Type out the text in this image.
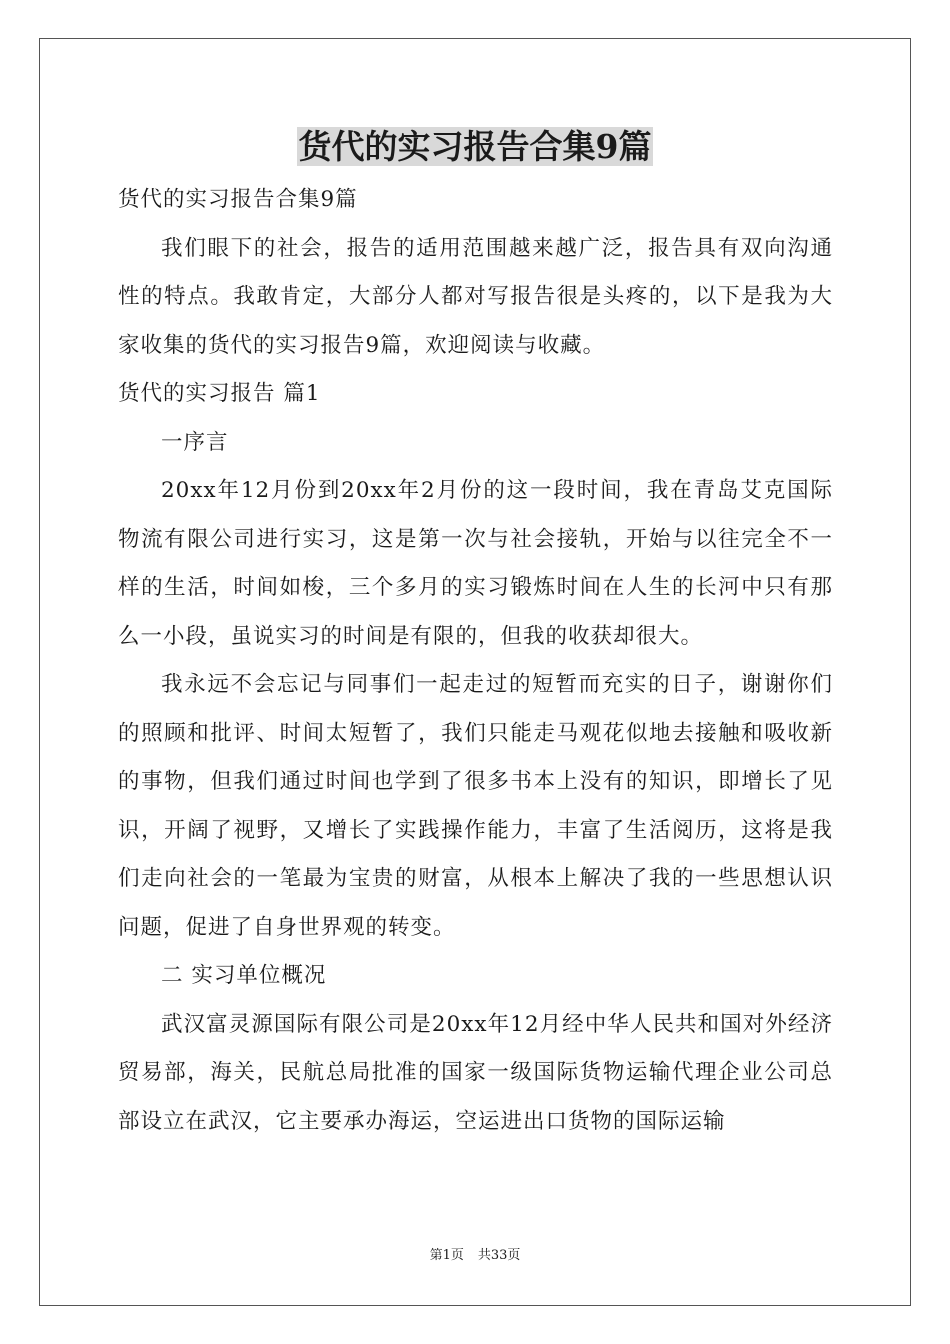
货代的实习报告合集9篇

货代的实习报告合集9篇

我们眼下的社会，报告的适用范围越来越广泛，报告具有双向沟通性的特点。我敢肯定，大部分人都对写报告很是头疼的，以下是我为大家收集的货代的实习报告9篇，欢迎阅读与收藏。

货代的实习报告 篇1

一序言

20xx年12月份到20xx年2月份的这一段时间，我在青岛艾克国际物流有限公司进行实习，这是第一次与社会接轨，开始与以往完全不一样的生活，时间如梭，三个多月的实习锻炼时间在人生的长河中只有那么一小段，虽说实习的时间是有限的，但我的收获却很大。

我永远不会忘记与同事们一起走过的短暂而充实的日子，谢谢你们的照顾和批评、时间太短暂了，我们只能走马观花似地去接触和吸收新的事物，但我们通过时间也学到了很多书本上没有的知识，即增长了见识，开阔了视野，又增长了实践操作能力，丰富了生活阅历，这将是我们走向社会的一笔最为宝贵的财富，从根本上解决了我的一些思想认识问题，促进了自身世界观的转变。

二 实习单位概况

武汉富灵源国际有限公司是20xx年12月经中华人民共和国对外经济贸易部，海关，民航总局批准的国家一级国际货物运输代理企业公司总部设立在武汉，它主要承办海运，空运进出口货物的国际运输

第1页 共33页
